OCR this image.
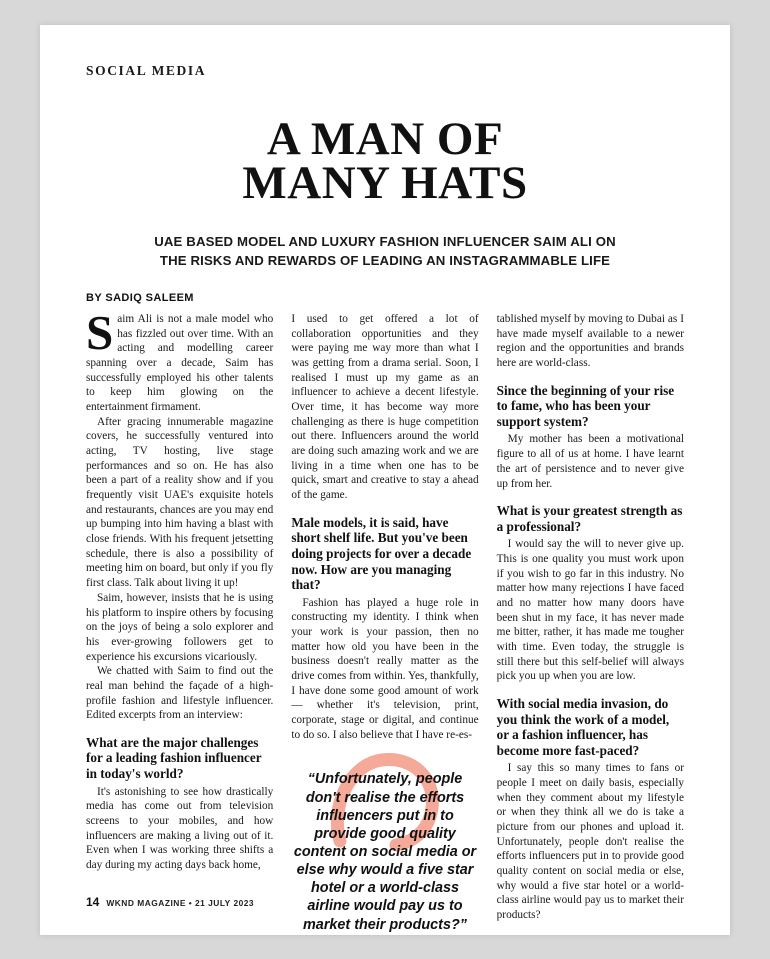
SOCIAL MEDIA
A MAN OF
MANY HATS
UAE BASED MODEL AND LUXURY FASHION INFLUENCER SAIM ALI ON
THE RISKS AND REWARDS OF LEADING AN INSTAGRAMMABLE LIFE
BY SADIQ SALEEM

Saim Ali is not a male model who has fizzled out over time. With an acting and modelling career spanning over a decade, Saim has successfully employed his other talents to keep him glowing on the entertainment firmament.

After gracing innumerable magazine covers, he successfully ventured into acting, TV hosting, live stage performances and so on. He has also been a part of a reality show and if you frequently visit UAE's exquisite hotels and restaurants, chances are you may end up bumping into him having a blast with close friends. With his frequent jetsetting schedule, there is also a possibility of meeting him on board, but only if you fly first class. Talk about living it up!

Saim, however, insists that he is using his platform to inspire others by focusing on the joys of being a solo explorer and his ever-growing followers get to experience his excursions vicariously.

We chatted with Saim to find out the real man behind the façade of a high-profile fashion and lifestyle influencer. Edited excerpts from an interview:

What are the major challenges for a leading fashion influencer in today's world?

It's astonishing to see how drastically media has come out from television screens to your mobiles, and how influencers are making a living out of it. Even when I was working three shifts a day during my acting days back home,

I used to get offered a lot of collaboration opportunities and they were paying me way more than what I was getting from a drama serial. Soon, I realised I must up my game as an influencer to achieve a decent lifestyle. Over time, it has become way more challenging as there is huge competition out there. Influencers around the world are doing such amazing work and we are living in a time when one has to be quick, smart and creative to stay a ahead of the game.

Male models, it is said, have short shelf life. But you've been doing projects for over a decade now. How are you managing that?

Fashion has played a huge role in constructing my identity. I think when your work is your passion, then no matter how old you have been in the business doesn't really matter as the drive comes from within. Yes, thankfully, I have done some good amount of work — whether it's television, print, corporate, stage or digital, and continue to do so. I also believe that I have re-es-

“Unfortunately, people don't realise the efforts influencers put in to provide good quality content on social media or else why would a five star hotel or a world-class airline would pay us to market their products?”

tablished myself by moving to Dubai as I have made myself available to a newer region and the opportunities and brands here are world-class.

Since the beginning of your rise to fame, who has been your support system?

My mother has been a motivational figure to all of us at home. I have learnt the art of persistence and to never give up from her.

What is your greatest strength as a professional?

I would say the will to never give up. This is one quality you must work upon if you wish to go far in this industry. No matter how many rejections I have faced and no matter how many doors have been shut in my face, it has never made me bitter, rather, it has made me tougher with time. Even today, the struggle is still there but this self-belief will always pick you up when you are low.

With social media invasion, do you think the work of a model, or a fashion influencer, has become more fast-paced?

I say this so many times to fans or people I meet on daily basis, especially when they comment about my lifestyle or when they think all we do is take a picture from our phones and upload it. Unfortunately, people don't realise the efforts influencers put in to provide good quality content on social media or else, why would a five star hotel or a world-class airline would pay us to market their products?

14 WKND MAGAZINE • 21 JULY 2023
